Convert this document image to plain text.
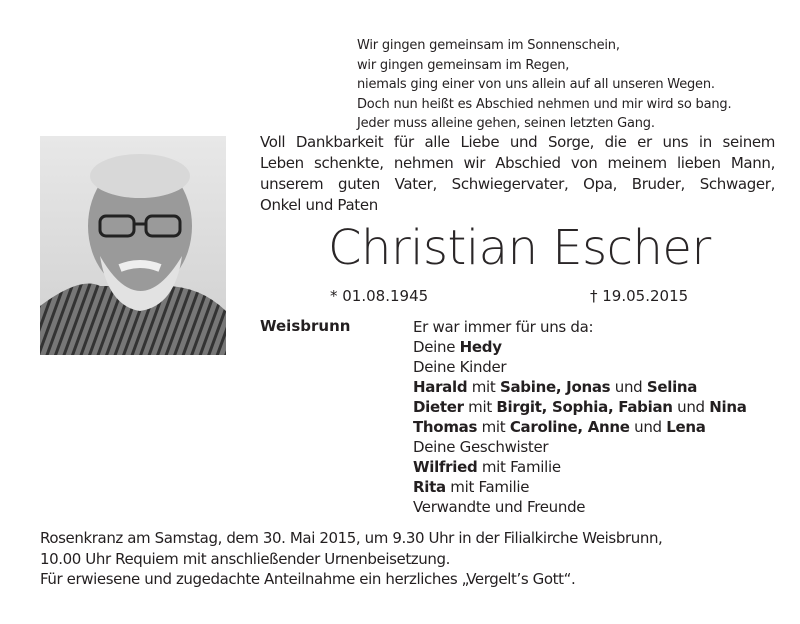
Wir gingen gemeinsam im Sonnenschein,
wir gingen gemeinsam im Regen,
niemals ging einer von uns allein auf all unseren Wegen.
Doch nun heißt es Abschied nehmen und mir wird so bang.
Jeder muss alleine gehen, seinen letzten Gang.
Voll Dankbarkeit für alle Liebe und Sorge, die er uns in seinem
Leben schenkte, nehmen wir Abschied von meinem lieben Mann,
unserem guten Vater, Schwiegervater, Opa, Bruder, Schwager,
Onkel und Paten
Christian Escher
* 01.08.1945	† 19.05.2015
Weisbrunn	Er war immer für uns da:
Deine Hedy
Deine Kinder
Harald mit Sabine, Jonas und Selina
Dieter mit Birgit, Sophia, Fabian und Nina
Thomas mit Caroline, Anne und Lena
Deine Geschwister
Wilfried mit Familie
Rita mit Familie
Verwandte und Freunde
Rosenkranz am Samstag, dem 30. Mai 2015, um 9.30 Uhr in der Filialkirche Weisbrunn,
10.00 Uhr Requiem mit anschließender Urnenbeisetzung.
Für erwiesene und zugedachte Anteilnahme ein herzliches „Vergelt’s Gott“.
